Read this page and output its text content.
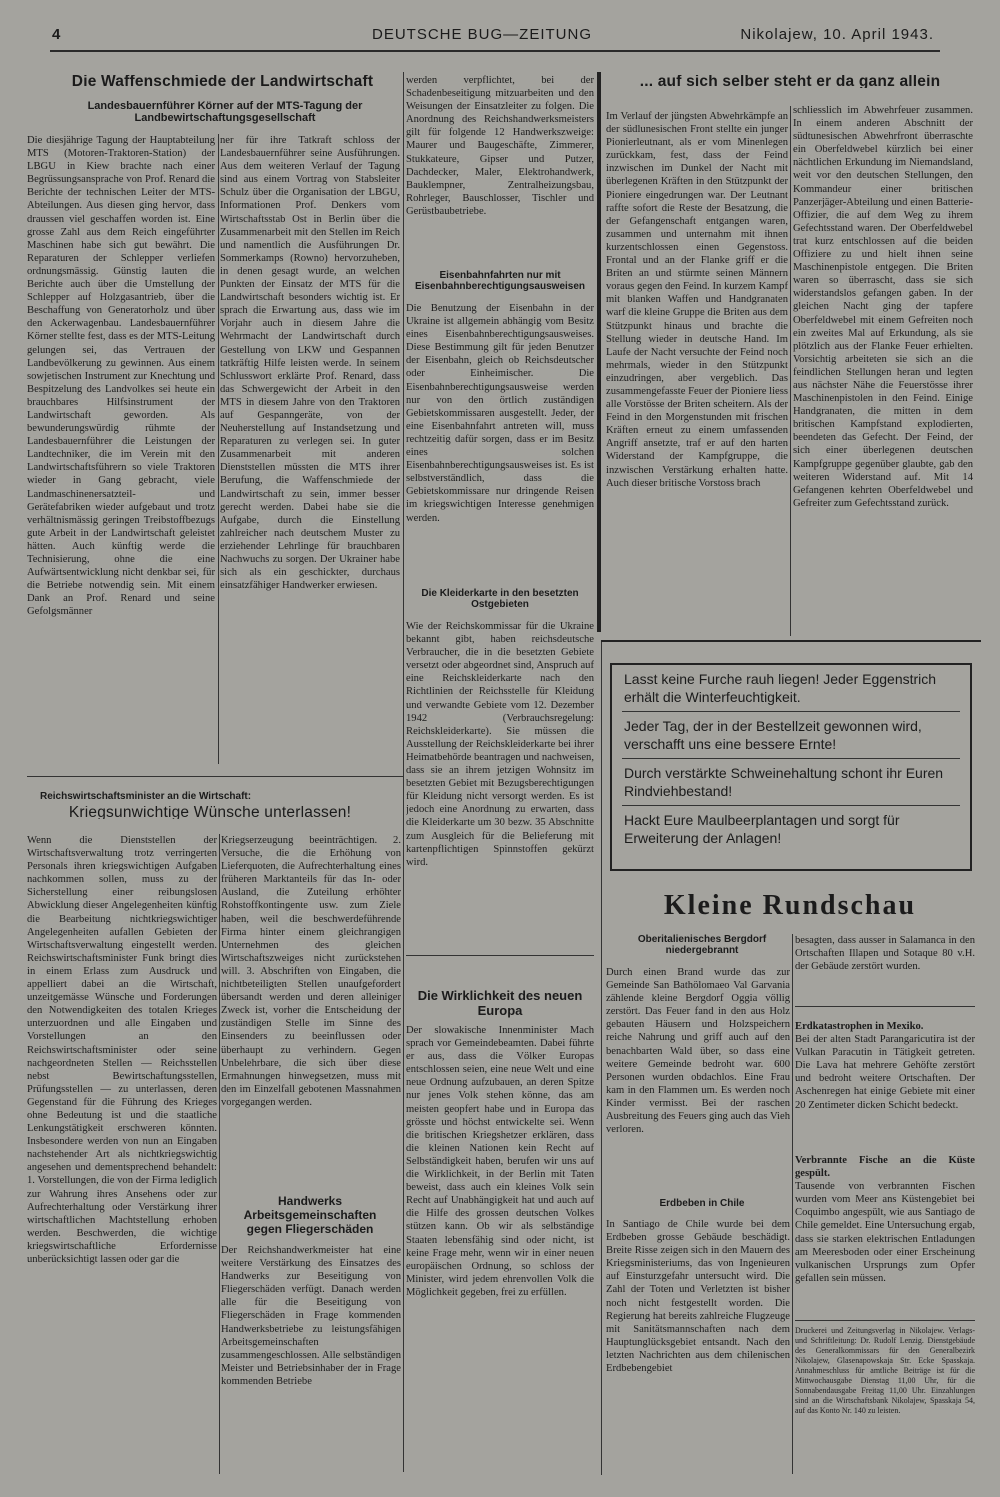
4	DEUTSCHE BUG—ZEITUNG	Nikolajew, 10. April 1943.
Die Waffenschmiede der Landwirtschaft
Landesbauernführer Körner auf der MTS-Tagung der Landbewirtschaftungsgesellschaft

Die diesjährige Tagung der Hauptabteilung MTS (Motoren-Traktoren-Station) der LBGU in Kiew brachte nach einer Begrüssungsansprache von Prof. Renard die Berichte der technischen Leiter der MTS-Abteilungen. Aus diesen ging hervor, dass draussen viel geschaffen worden ist. Eine grosse Zahl aus dem Reich eingeführter Maschinen habe sich gut bewährt. Die Reparaturen der Schlepper verliefen ordnungsmässig. Günstig lauten die Berichte auch über die Umstellung der Schlepper auf Holzgasantrieb, über die Beschaffung von Generatorholz und über den Ackerwagenbau. Landesbauernführer Körner stellte fest, dass es der MTS-Leitung gelungen sei, das Vertrauen der Landbevölkerung zu gewinnen. Aus einem sowjetischen Instrument zur Knechtung und Bespitzelung des Landvolkes sei heute ein brauchbares Hilfsinstrument der Landwirtschaft geworden. Als bewunderungswürdig rühmte der Landesbauernführer die Leistungen der Landtechniker, die im Verein mit den Landwirtschaftsführern so viele Traktoren wieder in Gang gebracht, viele Landmaschinenersatzteil- und Gerätefabriken wieder aufgebaut und trotz verhältnismässig geringen Treibstoffbezugs gute Arbeit in der Landwirtschaft geleistet hätten. Auch künftig werde die Technisierung, ohne die eine Aufwärtsentwicklung nicht denkbar sei, für die Betriebe notwendig sein. Mit einem Dank an Prof. Renard und seine Gefolgsmänner

ner für ihre Tatkraft schloss der Landesbauernführer seine Ausführungen. Aus dem weiteren Verlauf der Tagung sind aus einem Vortrag von Stabsleiter Schulz über die Organisation der LBGU, Informationen Prof. Denkers vom Wirtschaftsstab Ost in Berlin über die Zusammenarbeit mit den Stellen im Reich und namentlich die Ausführungen Dr. Sommerkamps (Rowno) hervorzuheben, in denen gesagt wurde, an welchen Punkten der Einsatz der MTS für die Landwirtschaft besonders wichtig ist. Er sprach die Erwartung aus, dass wie im Vorjahr auch in diesem Jahre die Wehrmacht der Landwirtschaft durch Gestellung von LKW und Gespannen tatkräftig Hilfe leisten werde. In seinem Schlusswort erklärte Prof. Renard, dass das Schwergewicht der Arbeit in den MTS in diesem Jahre von den Traktoren auf Gespanngeräte, von der Neuherstellung auf Instandsetzung und Reparaturen zu verlegen sei. In guter Zusammenarbeit mit anderen Dienststellen müssten die MTS ihrer Berufung, die Waffenschmiede der Landwirtschaft zu sein, immer besser gerecht werden. Dabei habe sie die Aufgabe, durch die Einstellung zahlreicher nach deutschem Muster zu erziehender Lehrlinge für brauchbaren Nachwuchs zu sorgen. Der Ukrainer habe sich als ein geschickter, durchaus einsatzfähiger Handwerker erwiesen.

werden verpflichtet, bei der Schadenbeseitigung mitzuarbeiten und den Weisungen der Einsatzleiter zu folgen. Die Anordnung des Reichshandwerksmeisters gilt für folgende 12 Handwerkszweige: Maurer und Baugeschäfte, Zimmerer, Stukkateure, Gipser und Putzer, Dachdecker, Maler, Elektrohandwerk, Bauklempner, Zentralheizungsbau, Rohrleger, Bauschlosser, Tischler und Gerüstbaubetriebe.

Eisenbahnfahrten nur mit Eisenbahnberechtigungsausweisen

Die Benutzung der Eisenbahn in der Ukraine ist allgemein abhängig vom Besitz eines Eisenbahnberechtigungsausweises. Diese Bestimmung gilt für jeden Benutzer der Eisenbahn, gleich ob Reichsdeutscher oder Einheimischer. Die Eisenbahnberechtigungsausweise werden nur von den örtlich zuständigen Gebietskommissaren ausgestellt. Jeder, der eine Eisenbahnfahrt antreten will, muss rechtzeitig dafür sorgen, dass er im Besitz eines solchen Eisenbahnberechtigungsausweises ist. Es ist selbstverständlich, dass die Gebietskommissare nur dringende Reisen im kriegswichtigen Interesse genehmigen werden.

Die Kleiderkarte in den besetzten Ostgebieten

Wie der Reichskommissar für die Ukraine bekannt gibt, haben reichsdeutsche Verbraucher, die in die besetzten Gebiete versetzt oder abgeordnet sind, Anspruch auf eine Reichskleiderkarte nach den Richtlinien der Reichsstelle für Kleidung und verwandte Gebiete vom 12. Dezember 1942 (Verbrauchsregelung: Reichskleiderkarte). Sie müssen die Ausstellung der Reichskleiderkarte bei ihrer Heimatbehörde beantragen und nachweisen, dass sie an ihrem jetzigen Wohnsitz im besetzten Gebiet mit Bezugsberechtigungen für Kleidung nicht versorgt werden. Es ist jedoch eine Anordnung zu erwarten, dass die Kleiderkarte um 30 bezw. 35 Abschnitte zum Ausgleich für die Belieferung mit kartenpflichtigen Spinnstoffen gekürzt wird.

Die Wirklichkeit des neuen Europa

Der slowakische Innenminister Mach sprach vor Gemeindebeamten. Dabei führte er aus, dass die Völker Europas entschlossen seien, eine neue Welt und eine neue Ordnung aufzubauen, an deren Spitze nur jenes Volk stehen könne, das am meisten geopfert habe und in Europa das grösste und höchst entwickelte sei. Wenn die britischen Kriegshetzer erklären, dass die kleinen Nationen kein Recht auf Selbständigkeit haben, berufen wir uns auf die Wirklichkeit, in der Berlin mit Taten beweist, dass auch ein kleines Volk sein Recht auf Unabhängigkeit hat und auch auf die Hilfe des grossen deutschen Volkes stützen kann. Ob wir als selbständige Staaten lebensfähig sind oder nicht, ist keine Frage mehr, wenn wir in einer neuen europäischen Ordnung, so schloss der Minister, wird jedem ehrenvollen Volk die Möglichkeit gegeben, frei zu erfüllen.

... auf sich selber steht er da ganz allein

Im Verlauf der jüngsten Abwehrkämpfe an der südlunesischen Front stellte ein junger Pionierleutnant, als er vom Minenlegen zurückkam, fest, dass der Feind inzwischen im Dunkel der Nacht mit überlegenen Kräften in den Stützpunkt der Pioniere eingedrungen war. Der Leutnant raffte sofort die Reste der Besatzung, die der Gefangenschaft entgangen waren, zusammen und unternahm mit ihnen kurzentschlossen einen Gegenstoss. Frontal und an der Flanke griff er die Briten an und stürmte seinen Männern voraus gegen den Feind. In kurzem Kampf mit blanken Waffen und Handgranaten warf die kleine Gruppe die Briten aus dem Stützpunkt hinaus und brachte die Stellung wieder in deutsche Hand. Im Laufe der Nacht versuchte der Feind noch mehrmals, wieder in den Stützpunkt einzudringen, aber vergeblich. Das zusammengefasste Feuer der Pioniere liess alle Vorstösse der Briten scheitern. Als der Feind in den Morgenstunden mit frischen Kräften erneut zu einem umfassenden Angriff ansetzte, traf er auf den harten Widerstand der Kampfgruppe, die inzwischen Verstärkung erhalten hatte. Auch dieser britische Vorstoss brach

schliesslich im Abwehrfeuer zusammen. In einem anderen Abschnitt der südtunesischen Abwehrfront überraschte ein Oberfeldwebel kürzlich bei einer nächtlichen Erkundung im Niemandsland, weit vor den deutschen Stellungen, den Kommandeur einer britischen Panzerjäger-Abteilung und einen Batterie-Offizier, die auf dem Weg zu ihrem Gefechtsstand waren. Der Oberfeldwebel trat kurz entschlossen auf die beiden Offiziere zu und hielt ihnen seine Maschinenpistole entgegen. Die Briten waren so überrascht, dass sie sich widerstandslos gefangen gaben. In der gleichen Nacht ging der tapfere Oberfeldwebel mit einem Gefreiten noch ein zweites Mal auf Erkundung, als sie plötzlich aus der Flanke Feuer erhielten. Vorsichtig arbeiteten sie sich an die feindlichen Stellungen heran und legten aus nächster Nähe die Feuerstösse ihrer Maschinenpistolen in den Feind. Einige Handgranaten, die mitten in dem britischen Kampfstand explodierten, beendeten das Gefecht. Der Feind, der sich einer überlegenen deutschen Kampfgruppe gegenüber glaubte, gab den weiteren Widerstand auf. Mit 14 Gefangenen kehrten Oberfeldwebel und Gefreiter zum Gefechtsstand zurück.

Lasst keine Furche rauh liegen! Jeder Eggenstrich erhält die Winterfeuchtigkeit.
Jeder Tag, der in der Bestellzeit gewonnen wird, verschafft uns eine bessere Ernte!
Durch verstärkte Schweinehaltung schont ihr Euren Rindviehbestand!
Hackt Eure Maulbeerplantagen und sorgt für Erweiterung der Anlagen!
Kleine Rundschau
Oberitalienisches Bergdorf niedergebrannt

Durch einen Brand wurde das zur Gemeinde San Bathölomaeo Val Garvania zählende kleine Bergdorf Oggia völlig zerstört. Das Feuer fand in den aus Holz gebauten Häusern und Holzspeichern reiche Nahrung und griff auch auf den benachbarten Wald über, so dass eine weitere Gemeinde bedroht war. 600 Personen wurden obdachlos. Eine Frau kam in den Flammen um. Es werden noch Kinder vermisst. Bei der raschen Ausbreitung des Feuers ging auch das Vieh verloren.

Erdbeben in Chile

In Santiago de Chile wurde bei dem Erdbeben grosse Gebäude beschädigt. Breite Risse zeigen sich in den Mauern des Kriegsministeriums, das von Ingenieuren auf Einsturzgefahr untersucht wird. Die Zahl der Toten und Verletzten ist bisher noch nicht festgestellt worden. Die Regierung hat bereits zahlreiche Flugzeuge mit Sanitätsmannschaften nach dem Hauptunglücksgebiet entsandt. Nach den letzten Nachrichten aus dem chilenischen Erdbebengebiet

besagten, dass ausser in Salamanca in den Ortschaften Illapen und Sotaque 80 v.H. der Gebäude zerstört wurden.

Erdkatastrophen in Mexiko.

Bei der alten Stadt Parangaricutira ist der Vulkan Paracutin in Tätigkeit getreten. Die Lava hat mehrere Gehöfte zerstört und bedroht weitere Ortschaften. Der Aschenregen hat einige Gebiete mit einer 20 Zentimeter dicken Schicht bedeckt.

Verbrannte Fische an die Küste gespült.

Tausende von verbrannten Fischen wurden vom Meer ans Küstengebiet bei Coquimbo angespült, wie aus Santiago de Chile gemeldet. Eine Untersuchung ergab, dass sie starken elektrischen Entladungen am Meeresboden oder einer Erscheinung vulkanischen Ursprungs zum Opfer gefallen sein müssen.

Druckerei und Zeitungsverlag in Nikolajew. Verlags- und Schriftleitung: Dr. Rudolf Lenzig. Dienstgebäude des Generalkommissars für den Generalbezirk Nikolajew, Glasenapowskaja Str. Ecke Spasskaja. Annahmeschluss für amtliche Beiträge ist für die Mittwochausgabe Dienstag 11,00 Uhr, für die Sonnabendausgabe Freitag 11,00 Uhr. Einzahlungen sind an die Wirtschaftsbank Nikolajew, Spasskaja 54, auf das Konto Nr. 140 zu leisten.

Reichswirtschaftsminister an die Wirtschaft:
Kriegsunwichtige Wünsche unterlassen!

Wenn die Dienststellen der Wirtschaftsverwaltung trotz verringerten Personals ihren kriegswichtigen Aufgaben nachkommen sollen, muss zu der Sicherstellung einer reibungslosen Abwicklung dieser Angelegenheiten künftig die Bearbeitung nichtkriegswichtiger Angelegenheiten aufallen Gebieten der Wirtschaftsverwaltung eingestellt werden. Reichswirtschaftsminister Funk bringt dies in einem Erlass zum Ausdruck und appelliert dabei an die Wirtschaft, unzeitgemässe Wünsche und Forderungen den Notwendigkeiten des totalen Krieges unterzuordnen und alle Eingaben und Vorstellungen an den Reichswirtschaftsminister oder seine nachgeordneten Stellen — Reichsstellen nebst Bewirtschaftungsstellen, Prüfungsstellen — zu unterlassen, deren Gegenstand für die Führung des Krieges ohne Bedeutung ist und die staatliche Lenkungstätigkeit erschweren könnten. Insbesondere werden von nun an Eingaben nachstehender Art als nichtkriegswichtig angesehen und dementsprechend behandelt: 1. Vorstellungen, die von der Firma lediglich zur Wahrung ihres Ansehens oder zur Aufrechterhaltung oder Verstärkung ihrer wirtschaftlichen Machtstellung erhoben werden. Beschwerden, die wichtige kriegswirtschaftliche Erfordernisse unberücksichtigt lassen oder gar die

Kriegserzeugung beeinträchtigen. 2. Versuche, die die Erhöhung von Lieferquoten, die Aufrechterhaltung eines früheren Marktanteils für das In- oder Ausland, die Zuteilung erhöhter Rohstoffkontingente usw. zum Ziele haben, weil die beschwerdeführende Firma hinter einem gleichrangigen Unternehmen des gleichen Wirtschaftszweiges nicht zurückstehen will. 3. Abschriften von Eingaben, die nichtbeteiligten Stellen unaufgefordert übersandt werden und deren alleiniger Zweck ist, vorher die Entscheidung der zuständigen Stelle im Sinne des Einsenders zu beeinflussen oder überhaupt zu verhindern. Gegen Unbelehrbare, die sich über diese Ermahnungen hinwegsetzen, muss mit den im Einzelfall gebotenen Massnahmen vorgegangen werden.

Handwerks Arbeitsgemeinschaften gegen Fliegerschäden

Der Reichshandwerkmeister hat eine weitere Verstärkung des Einsatzes des Handwerks zur Beseitigung von Fliegerschäden verfügt. Danach werden alle für die Beseitigung von Fliegerschäden in Frage kommenden Handwerksbetriebe zu leistungsfähigen Arbeitsgemeinschaften zusammengeschlossen. Alle selbständigen Meister und Betriebsinhaber der in Frage kommenden Betriebe
